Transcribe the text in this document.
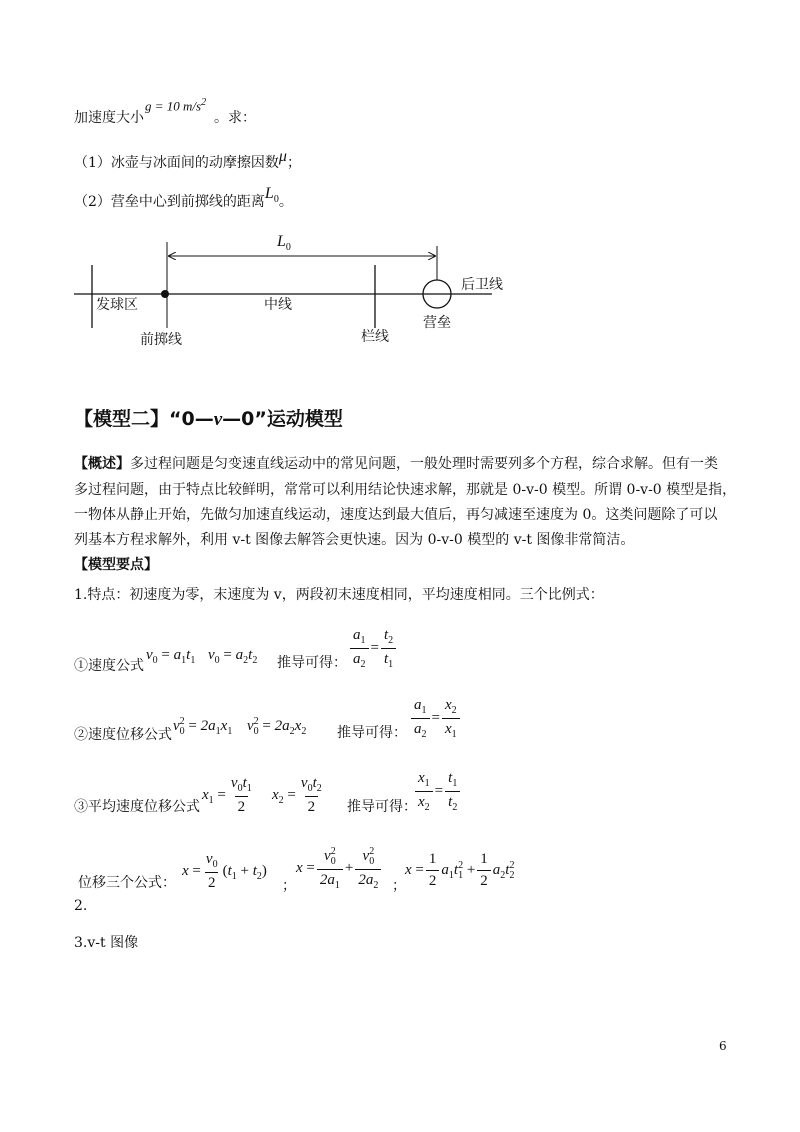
加速度大小
g = 10 $m/s^2$
。求：
（1）冰壶与冰面间的动摩擦因数μ；
（2）营垒中心到前掷线的距离$L_0$。
$L_0$
发球区
前掷线
中线
栏线
营垒
后卫线
【模型二】“0—v—0”运动模型
【概述】多过程问题是匀变速直线运动中的常见问题，一般处理时需要列多个方程，综合求解。但有一类
多过程问题，由于特点比较鲜明，常常可以利用结论快速求解，那就是 0-v-0 模型。所谓 0-v-0 模型是指，
一物体从静止开始，先做匀加速直线运动，速度达到最大值后，再匀减速至速度为 0。这类问题除了可以
列基本方程求解外，利用 v-t 图像去解答会更快速。因为 0-v-0 模型的 v-t 图像非常简洁。
【模型要点】
1.特点：初速度为零，末速度为 v，两段初末速度相同，平均速度相同。三个比例式：
①速度公式
$v_0 = a_1t_1$ $v_0 = a_2t_2$ 推导可得： $\frac{a_1}{a_2} = \frac{t_2}{t_1}$
②速度位移公式
$v_0^2 = 2a_1x_1$ $v_0^2 = 2a_2x_2$ 推导可得： $\frac{a_1}{a_2} = \frac{x_2}{x_1}$
③平均速度位移公式
$x_1 = \frac{v_0t_1}{2} x_2 = \frac{v_0t_2}{2}$ 推导可得：
$\frac{x_1}{x_2} = \frac{t_1}{t_2}$
位移三个公式：
$x = \frac{v_0}{2} (t_1 + t_2)$
；
$x = \frac{v_0^2}{2a_1} + \frac{v_0^2}{2a_2}$ ；
$x = \frac{1}{2} a_1t_1^2 + \frac{1}{2} a_2t_2^2$
2.
3.v-t 图像
6
